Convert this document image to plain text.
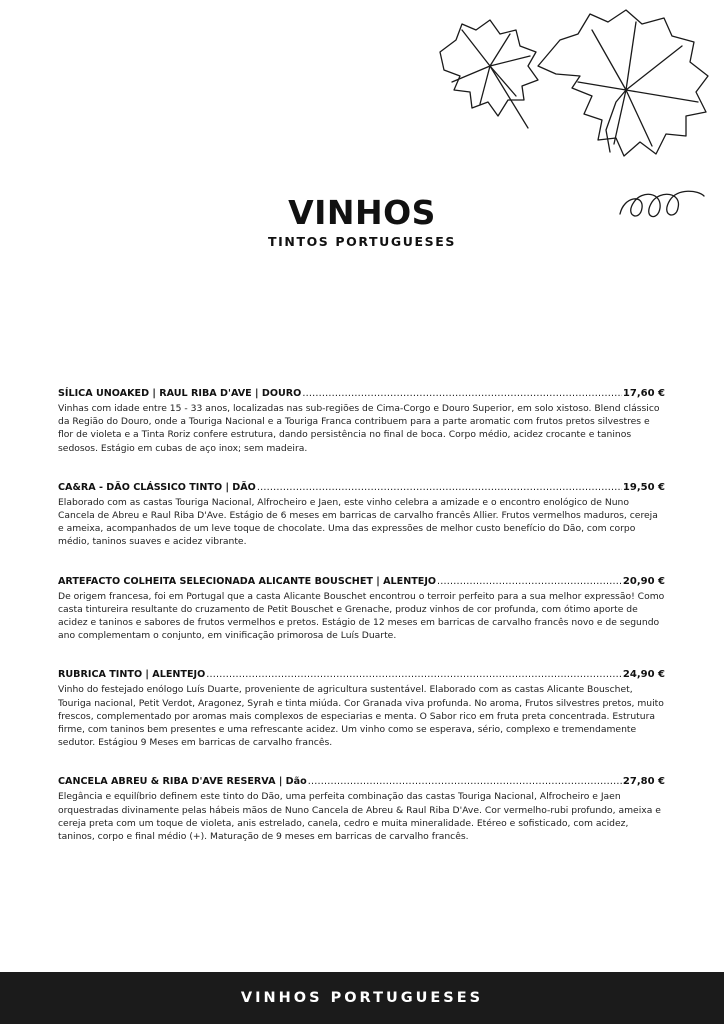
VINHOS
TINTOS PORTUGUESES
SÍLICA UNOAKED | RAUL RIBA D'AVE | DOURO .....	17,60 €
Vinhas com idade entre 15 - 33 anos, localizadas nas sub-regiões de Cima-Corgo e Douro Superior, em solo xistoso. Blend clássico da Região do Douro, onde a Touriga Nacional e a Touriga Franca contribuem para a parte aromatic com frutos pretos silvestres e flor de violeta e a Tinta Roriz confere estrutura, dando persistência no final de boca. Corpo médio, acidez crocante e taninos sedosos. Estágio em cubas de aço inox; sem madeira.
CA&RA - DÃO CLÁSSICO TINTO | DÃO .....	19,50 €
Elaborado com as castas Touriga Nacional, Alfrocheiro e Jaen, este vinho celebra a amizade e o encontro enológico de Nuno Cancela de Abreu e Raul Riba D'Ave. Estágio de 6 meses em barricas de carvalho francês Allier. Frutos vermelhos maduros, cereja e ameixa, acompanhados de um leve toque de chocolate. Uma das expressões de melhor custo benefício do Dão, com corpo médio, taninos suaves e acidez vibrante.
ARTEFACTO COLHEITA SELECIONADA ALICANTE BOUSCHET | ALENTEJO .....	20,90 €
De origem francesa, foi em Portugal que a casta Alicante Bouschet encontrou o terroir perfeito para a sua melhor expressão! Como casta tintureira resultante do cruzamento de Petit Bouschet e Grenache, produz vinhos de cor profunda, com ótimo aporte de acidez e taninos e sabores de frutos vermelhos e pretos. Estágio de 12 meses em barricas de carvalho francês novo e de segundo ano complementam o conjunto, em vinificação primorosa de Luís Duarte.
RUBRICA TINTO | ALENTEJO .....	24,90 €
Vinho do festejado enólogo Luís Duarte, proveniente de agricultura sustentável. Elaborado com as castas Alicante Bouschet, Touriga nacional, Petit Verdot, Aragonez, Syrah e tinta miúda. Cor Granada viva profunda. No aroma, Frutos silvestres pretos, muito frescos, complementado por aromas mais complexos de especiarias e menta. O Sabor rico em fruta preta concentrada. Estrutura firme, com taninos bem presentes e uma refrescante acidez. Um vinho como se esperava, sério, complexo e tremendamente sedutor. Estágiou 9 Meses em barricas de carvalho francês.
CANCELA ABREU & RIBA D'AVE RESERVA | Dão .....	27,80 €
Elegância e equilíbrio definem este tinto do Dão, uma perfeita combinação das castas Touriga Nacional, Alfrocheiro e Jaen orquestradas divinamente pelas hábeis mãos de Nuno Cancela de Abreu & Raul Riba D'Ave. Cor vermelho-rubi profundo, ameixa e cereja preta com um toque de violeta, anis estrelado, canela, cedro e muita mineralidade. Etéreo e sofisticado, com acidez, taninos, corpo e final médio (+). Maturação de 9 meses em barricas de carvalho francês.
VINHOS PORTUGUESES
